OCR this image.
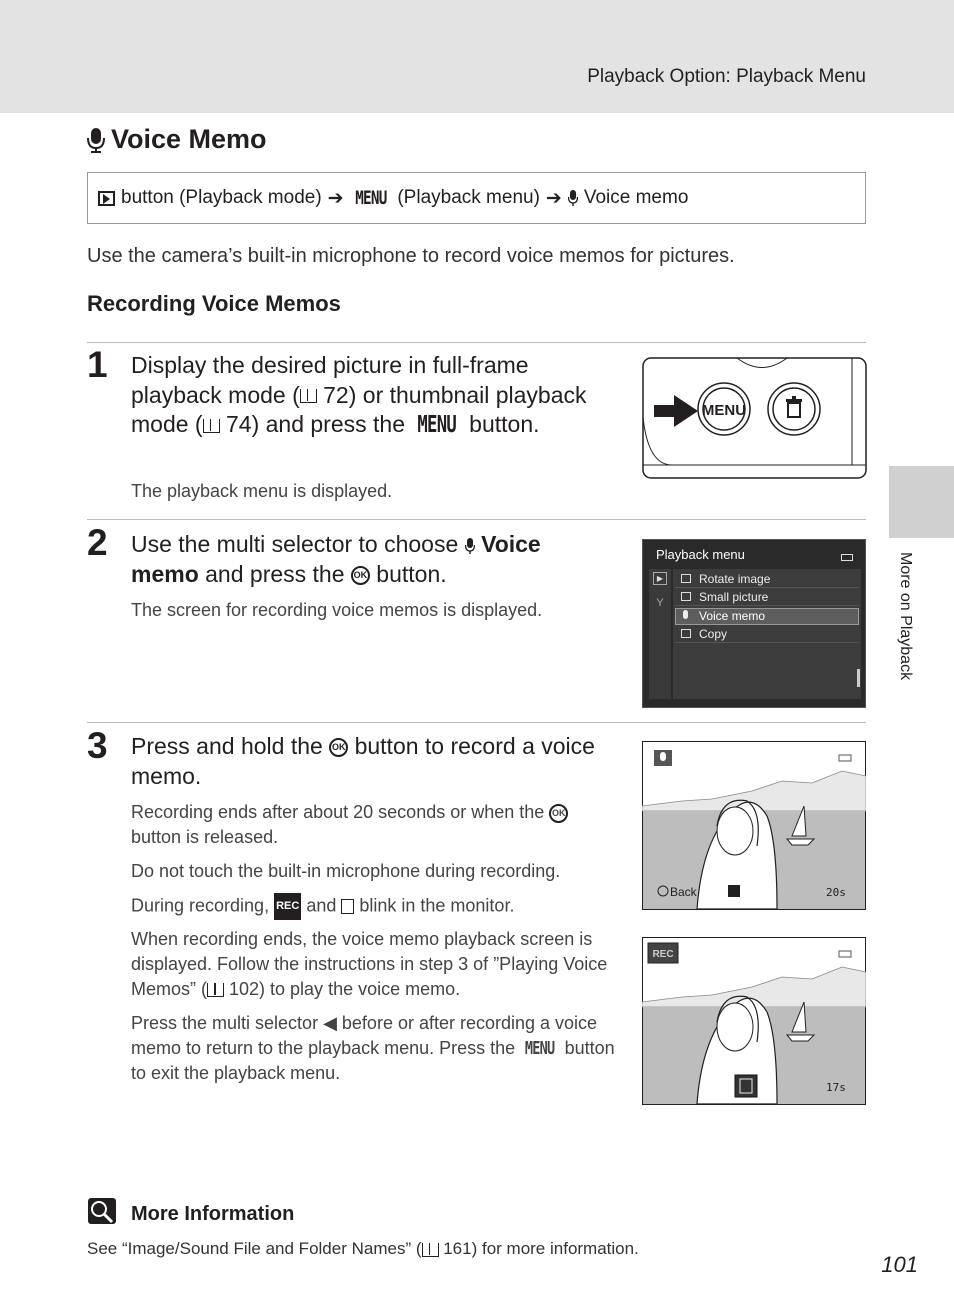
Playback Option: Playback Menu
More on Playback
Voice Memo
button (Playback mode) ➔ MENU (Playback menu) ➔ Voice memo
Use the camera’s built-in microphone to record voice memos for pictures.
Recording Voice Memos
1 Display the desired picture in full-frame playback mode ( 72) or thumbnail playback mode ( 74) and press the MENU button.
The playback menu is displayed.
MENU
2 Use the multi selector to choose  Voice memo and press the OK button.
The screen for recording voice memos is displayed.
Playback menu
▶
Y
Rotate image
Small picture
Voice memo
Copy
3 Press and hold the OK button to record a voice memo.
Recording ends after about 20 seconds or when the OK button is released.
Do not touch the built-in microphone during recording.
During recording, REC and  blink in the monitor.
When recording ends, the voice memo playback screen is displayed. Follow the instructions in step 3 of ”Playing Voice Memos” ( 102) to play the voice memo.
Press the multi selector ◀ before or after recording a voice memo to return to the playback menu. Press the MENU button to exit the playback menu.
Back	20s
REC
17s
More Information
See “Image/Sound File and Folder Names” ( 161) for more information.
101
